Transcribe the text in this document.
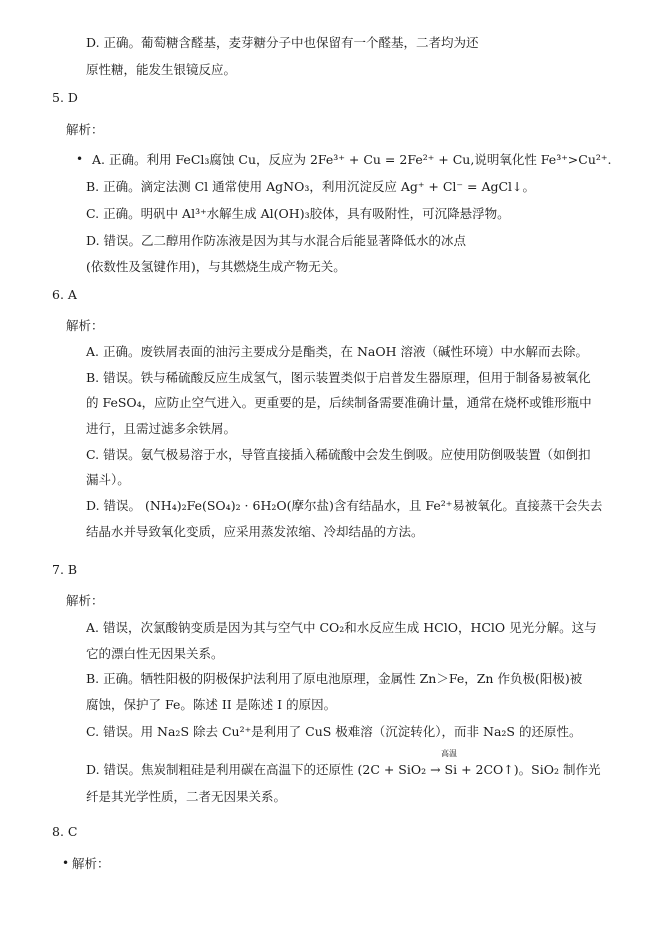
D. 正确。葡萄糖含醛基，麦芽糖分子中也保留有一个醛基，二者均为还
原性糖，能发生银镜反应。
5. D
解析：
• A. 正确。利用 FeCl₃腐蚀 Cu，反应为 2Fe³⁺ + Cu = 2Fe²⁺ + Cu,说明氧化性 Fe³⁺>Cu²⁺.
B. 正确。滴定法测 Cl 通常使用 AgNO₃，利用沉淀反应 Ag⁺ + Cl⁻ = AgCl↓。
C. 正确。明矾中 Al³⁺水解生成 Al(OH)₃胶体，具有吸附性，可沉降悬浮物。
D. 错误。乙二醇用作防冻液是因为其与水混合后能显著降低水的冰点
(依数性及氢键作用)，与其燃烧生成产物无关。
6. A
解析：
A. 正确。废铁屑表面的油污主要成分是酯类，在 NaOH 溶液（碱性环境）中水解而去除。
B. 错误。铁与稀硫酸反应生成氢气，图示装置类似于启普发生器原理，但用于制备易被氧化
的 FeSO₄，应防止空气进入。更重要的是，后续制备需要准确计量，通常在烧杯或锥形瓶中
进行，且需过滤多余铁屑。
C. 错误。氨气极易溶于水，导管直接插入稀硫酸中会发生倒吸。应使用防倒吸装置（如倒扣
漏斗）。
D. 错误。 (NH₄)₂Fe(SO₄)₂ · 6H₂O(摩尔盐)含有结晶水，且 Fe²⁺易被氧化。直接蒸干会失去
结晶水并导致氧化变质，应采用蒸发浓缩、冷却结晶的方法。
7. B
解析：
A. 错误，次氯酸钠变质是因为其与空气中 CO₂和水反应生成 HClO，HClO 见光分解。这与
它的漂白性无因果关系。
B. 正确。牺牲阳极的阴极保护法利用了原电池原理，金属性 Zn＞Fe，Zn 作负极(阳极)被
腐蚀，保护了 Fe。陈述 II 是陈述 I 的原因。
C. 错误。用 Na₂S 除去 Cu²⁺是利用了 CuS 极难溶（沉淀转化），而非 Na₂S 的还原性。
高温
D. 错误。焦炭制粗硅是利用碳在高温下的还原性 (2C + SiO₂ → Si + 2CO↑)。SiO₂ 制作光
纤是其光学性质，二者无因果关系。
8. C
• 解析：
